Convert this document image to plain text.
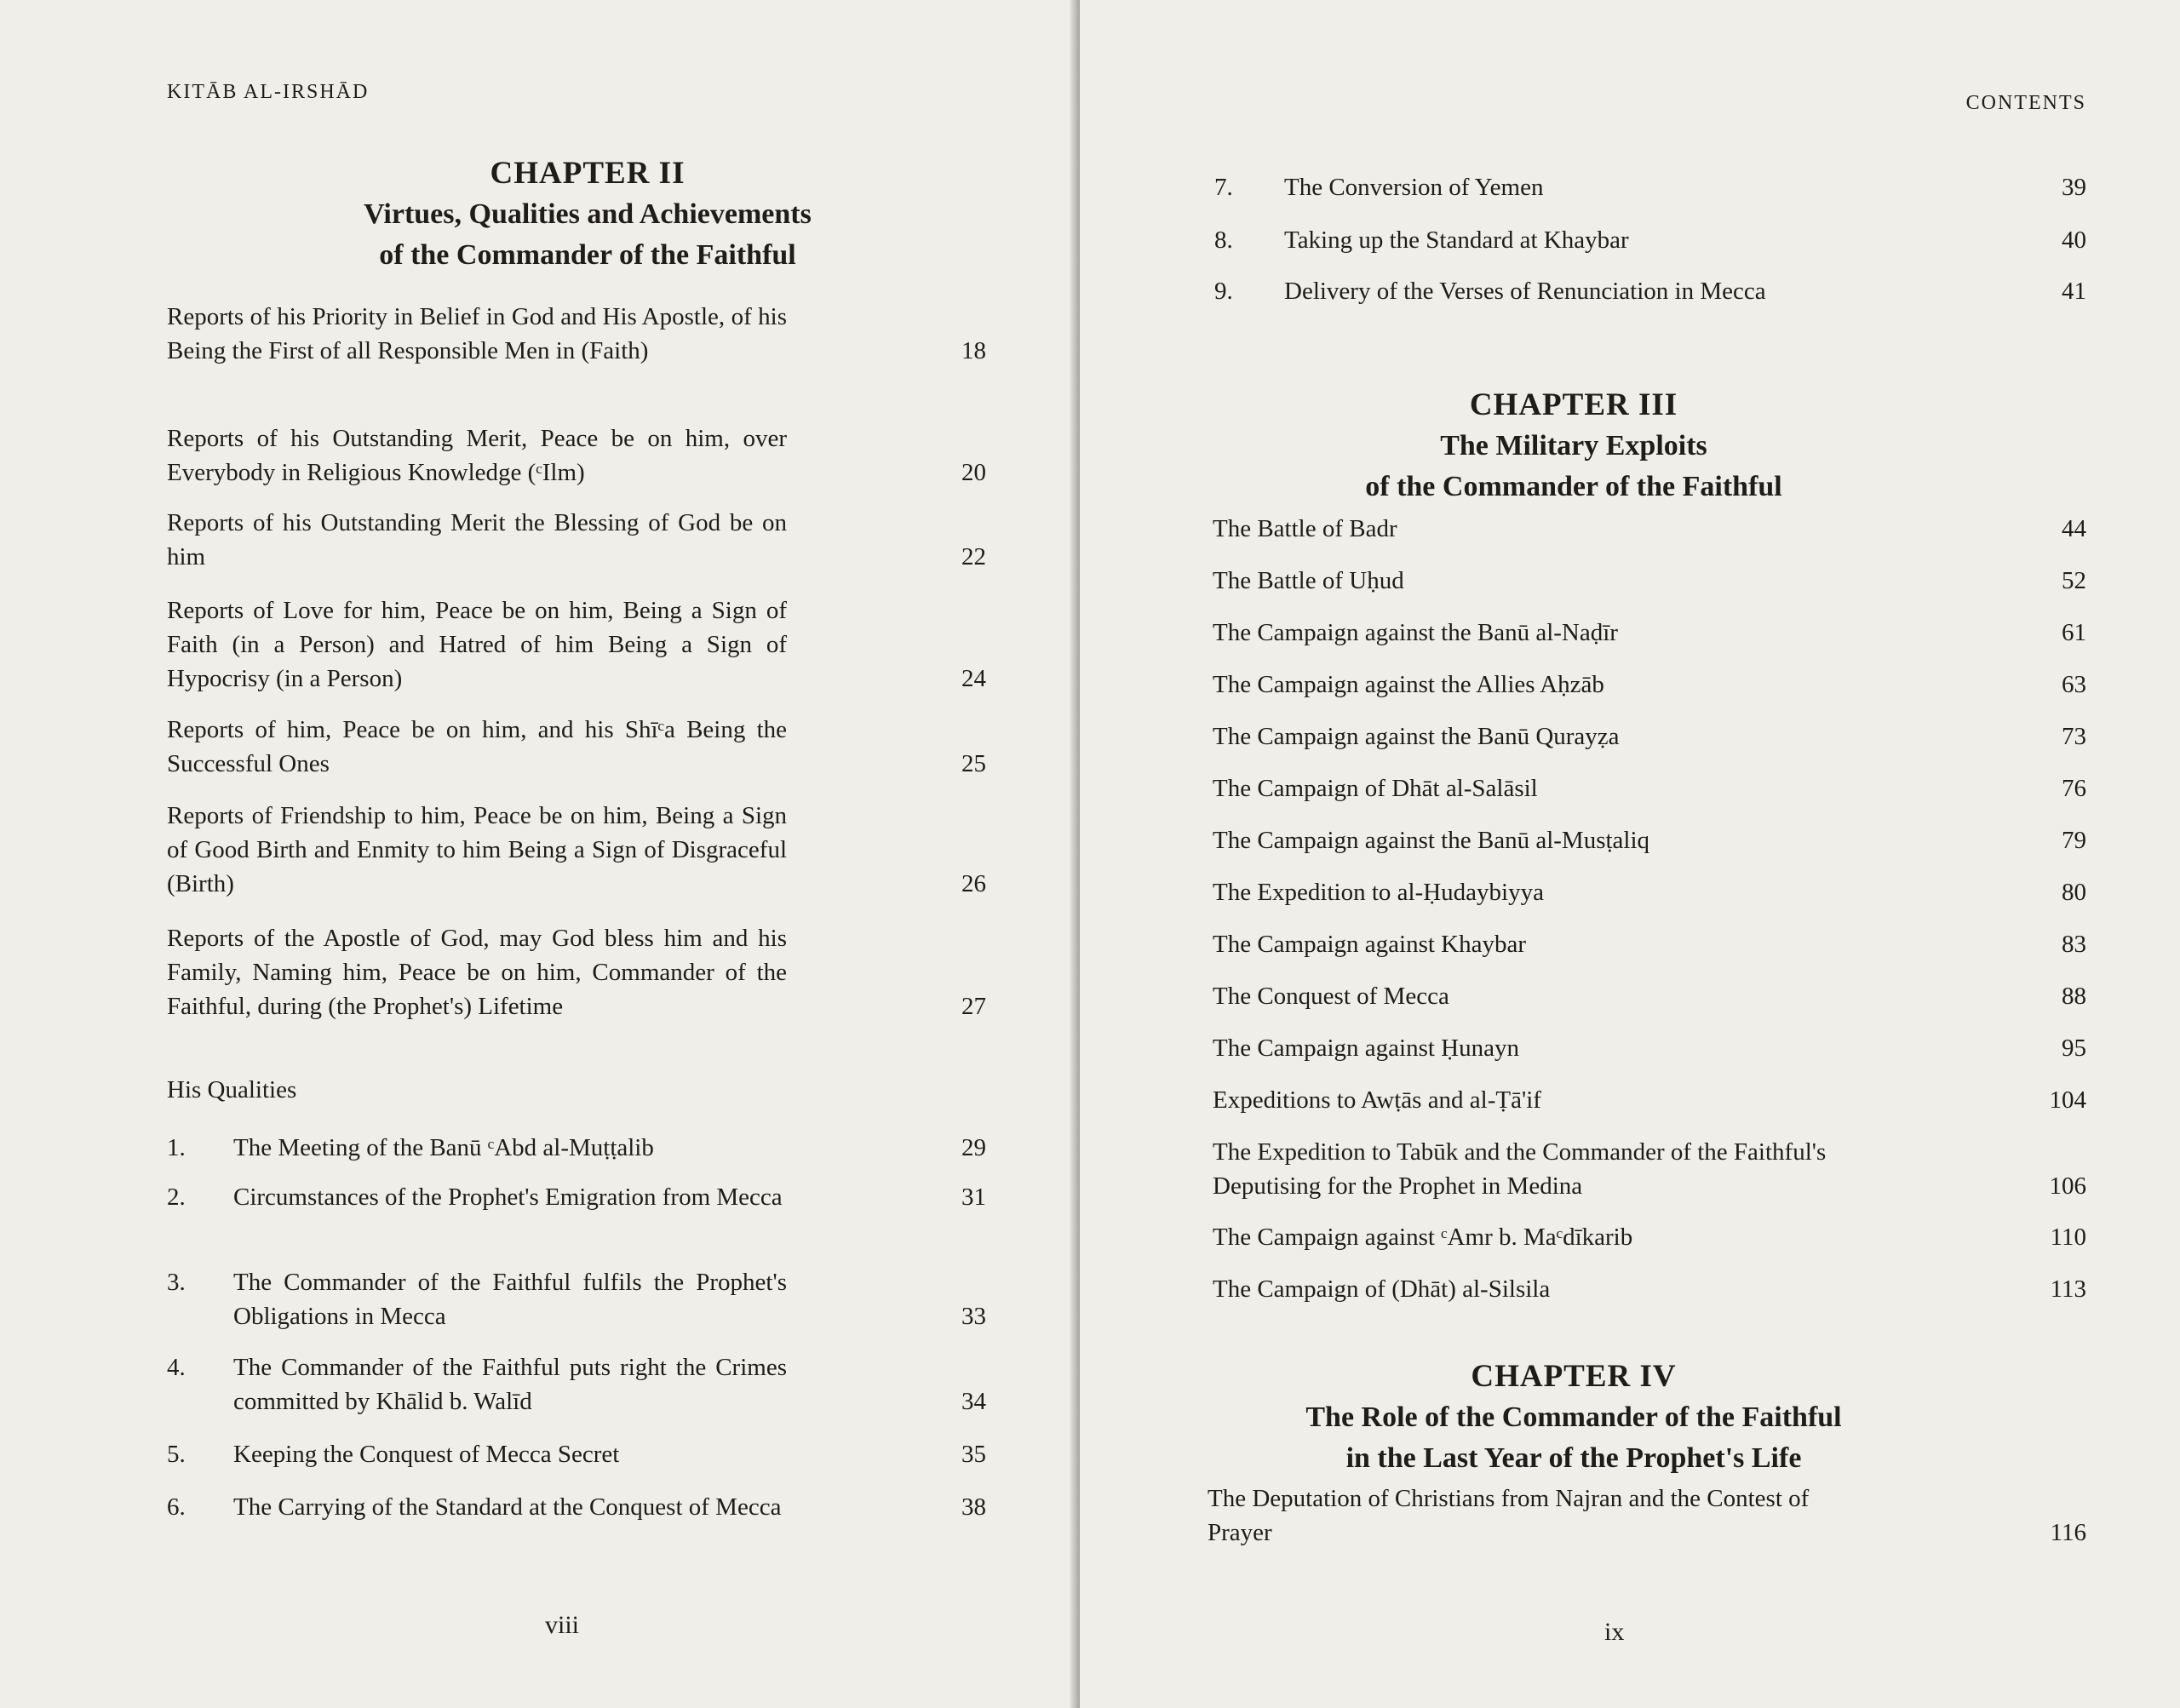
KITĀB AL-IRSHĀD
CHAPTER II
Virtues, Qualities and Achievements
of the Commander of the Faithful
Reports of his Priority in Belief in God and His Apostle, of his Being the First of all Responsible Men in (Faith)	18
Reports of his Outstanding Merit, Peace be on him, over Everybody in Religious Knowledge (ᶜIlm)	20
Reports of his Outstanding Merit the Blessing of God be on him	22
Reports of Love for him, Peace be on him, Being a Sign of Faith (in a Person) and Hatred of him Being a Sign of Hypocrisy (in a Person)	24
Reports of him, Peace be on him, and his Shīᶜa Being the Successful Ones	25
Reports of Friendship to him, Peace be on him, Being a Sign of Good Birth and Enmity to him Being a Sign of Disgraceful (Birth)	26
Reports of the Apostle of God, may God bless him and his Family, Naming him, Peace be on him, Commander of the Faithful, during (the Prophet's) Lifetime	27
His Qualities
1. The Meeting of the Banū ᶜAbd al-Muṭṭalib	29
2. Circumstances of the Prophet's Emigration from Mecca	31
3. The Commander of the Faithful fulfils the Prophet's Obligations in Mecca	33
4. The Commander of the Faithful puts right the Crimes committed by Khālid b. Walīd	34
5. Keeping the Conquest of Mecca Secret	35
6. The Carrying of the Standard at the Conquest of Mecca	38
viii
CONTENTS
7. The Conversion of Yemen	39
8. Taking up the Standard at Khaybar	40
9. Delivery of the Verses of Renunciation in Mecca	41
CHAPTER III
The Military Exploits
of the Commander of the Faithful
The Battle of Badr	44
The Battle of Uḥud	52
The Campaign against the Banū al-Naḍīr	61
The Campaign against the Allies Aḥzāb	63
The Campaign against the Banū Qurayẓa	73
The Campaign of Dhāt al-Salāsil	76
The Campaign against the Banū al-Musṭaliq	79
The Expedition to al-Ḥudaybiyya	80
The Campaign against Khaybar	83
The Conquest of Mecca	88
The Campaign against Ḥunayn	95
Expeditions to Awṭās and al-Ṭā'if	104
The Expedition to Tabūk and the Commander of the Faithful's Deputising for the Prophet in Medina	106
The Campaign against ᶜAmr b. Maᶜdīkarib	110
The Campaign of (Dhāt) al-Silsila	113
CHAPTER IV
The Role of the Commander of the Faithful
in the Last Year of the Prophet's Life
The Deputation of Christians from Najran and the Contest of Prayer	116
ix
